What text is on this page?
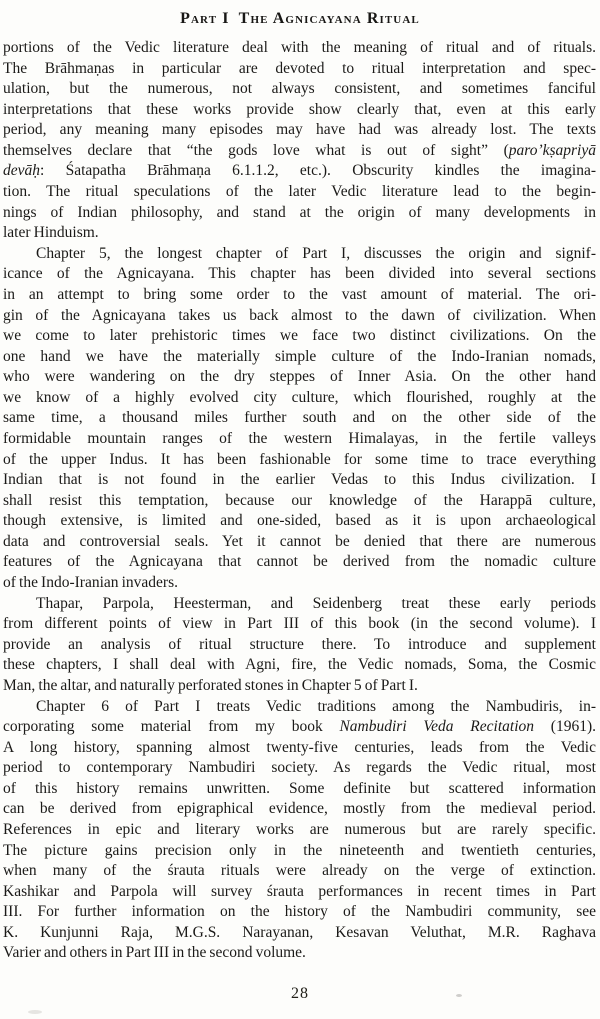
Part I The Agnicayana Ritual
portions of the Vedic literature deal with the meaning of ritual and of rituals.
The Brāhmaṇas in particular are devoted to ritual interpretation and spec-
ulation, but the numerous, not always consistent, and sometimes fanciful
interpretations that these works provide show clearly that, even at this early
period, any meaning many episodes may have had was already lost. The texts
themselves declare that “the gods love what is out of sight” (paro’kṣapriyā
devāḥ: Śatapatha Brāhmaṇa 6.1.1.2, etc.). Obscurity kindles the imagina-
tion. The ritual speculations of the later Vedic literature lead to the begin-
nings of Indian philosophy, and stand at the origin of many developments in
later Hinduism.
Chapter 5, the longest chapter of Part I, discusses the origin and signif-
icance of the Agnicayana. This chapter has been divided into several sections
in an attempt to bring some order to the vast amount of material. The ori-
gin of the Agnicayana takes us back almost to the dawn of civilization. When
we come to later prehistoric times we face two distinct civilizations. On the
one hand we have the materially simple culture of the Indo-Iranian nomads,
who were wandering on the dry steppes of Inner Asia. On the other hand
we know of a highly evolved city culture, which flourished, roughly at the
same time, a thousand miles further south and on the other side of the
formidable mountain ranges of the western Himalayas, in the fertile valleys
of the upper Indus. It has been fashionable for some time to trace everything
Indian that is not found in the earlier Vedas to this Indus civilization. I
shall resist this temptation, because our knowledge of the Harappā culture,
though extensive, is limited and one-sided, based as it is upon archaeological
data and controversial seals. Yet it cannot be denied that there are numerous
features of the Agnicayana that cannot be derived from the nomadic culture
of the Indo-Iranian invaders.
Thapar, Parpola, Heesterman, and Seidenberg treat these early periods
from different points of view in Part III of this book (in the second volume). I
provide an analysis of ritual structure there. To introduce and supplement
these chapters, I shall deal with Agni, fire, the Vedic nomads, Soma, the Cosmic
Man, the altar, and naturally perforated stones in Chapter 5 of Part I.
Chapter 6 of Part I treats Vedic traditions among the Nambudiris, in-
corporating some material from my book Nambudiri Veda Recitation (1961).
A long history, spanning almost twenty-five centuries, leads from the Vedic
period to contemporary Nambudiri society. As regards the Vedic ritual, most
of this history remains unwritten. Some definite but scattered information
can be derived from epigraphical evidence, mostly from the medieval period.
References in epic and literary works are numerous but are rarely specific.
The picture gains precision only in the nineteenth and twentieth centuries,
when many of the śrauta rituals were already on the verge of extinction.
Kashikar and Parpola will survey śrauta performances in recent times in Part
III. For further information on the history of the Nambudiri community, see
K. Kunjunni Raja, M.G.S. Narayanan, Kesavan Veluthat, M.R. Raghava
Varier and others in Part III in the second volume.
28
